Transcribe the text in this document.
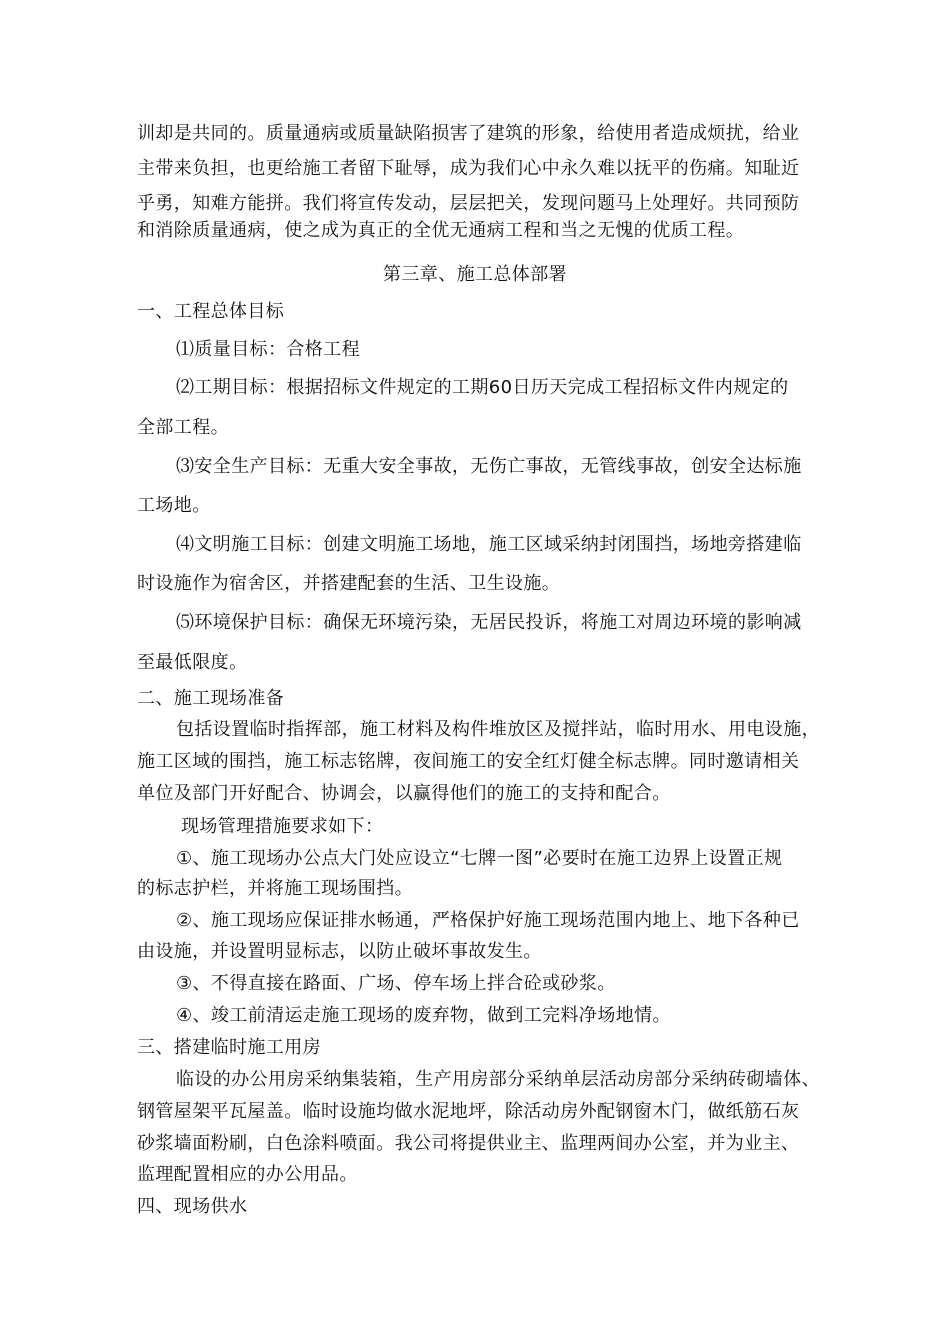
训却是共同的。质量通病或质量缺陷损害了建筑的形象，给使用者造成烦扰，给业
主带来负担，也更给施工者留下耻辱，成为我们心中永久难以抚平的伤痛。知耻近
乎勇，知难方能拼。我们将宣传发动，层层把关，发现问题马上处理好。共同预防
和消除质量通病，使之成为真正的全优无通病工程和当之无愧的优质工程。
第三章、施工总体部署
一、工程总体目标
⑴质量目标：合格工程
⑵工期目标：根据招标文件规定的工期60日历天完成工程招标文件内规定的
全部工程。
⑶安全生产目标：无重大安全事故，无伤亡事故，无管线事故，创安全达标施
工场地。
⑷文明施工目标：创建文明施工场地，施工区域采纳封闭围挡，场地旁搭建临
时设施作为宿舍区，并搭建配套的生活、卫生设施。
⑸环境保护目标：确保无环境污染，无居民投诉，将施工对周边环境的影响减
至最低限度。
二、施工现场准备
包括设置临时指挥部，施工材料及构件堆放区及搅拌站，临时用水、用电设施，
施工区域的围挡，施工标志铭牌，夜间施工的安全红灯健全标志牌。同时邀请相关
单位及部门开好配合、协调会，以赢得他们的施工的支持和配合。
现场管理措施要求如下：
①、施工现场办公点大门处应设立“七牌一图”必要时在施工边界上设置正规
的标志护栏，并将施工现场围挡。
②、施工现场应保证排水畅通，严格保护好施工现场范围内地上、地下各种已
由设施，并设置明显标志，以防止破坏事故发生。
③、不得直接在路面、广场、停车场上拌合砼或砂浆。
④、竣工前清运走施工现场的废弃物，做到工完料净场地情。
三、搭建临时施工用房
临设的办公用房采纳集装箱，生产用房部分采纳单层活动房部分采纳砖砌墙体、
钢管屋架平瓦屋盖。临时设施均做水泥地坪，除活动房外配钢窗木门，做纸筋石灰
砂浆墙面粉刷，白色涂料喷面。我公司将提供业主、监理两间办公室，并为业主、
监理配置相应的办公用品。
四、现场供水
